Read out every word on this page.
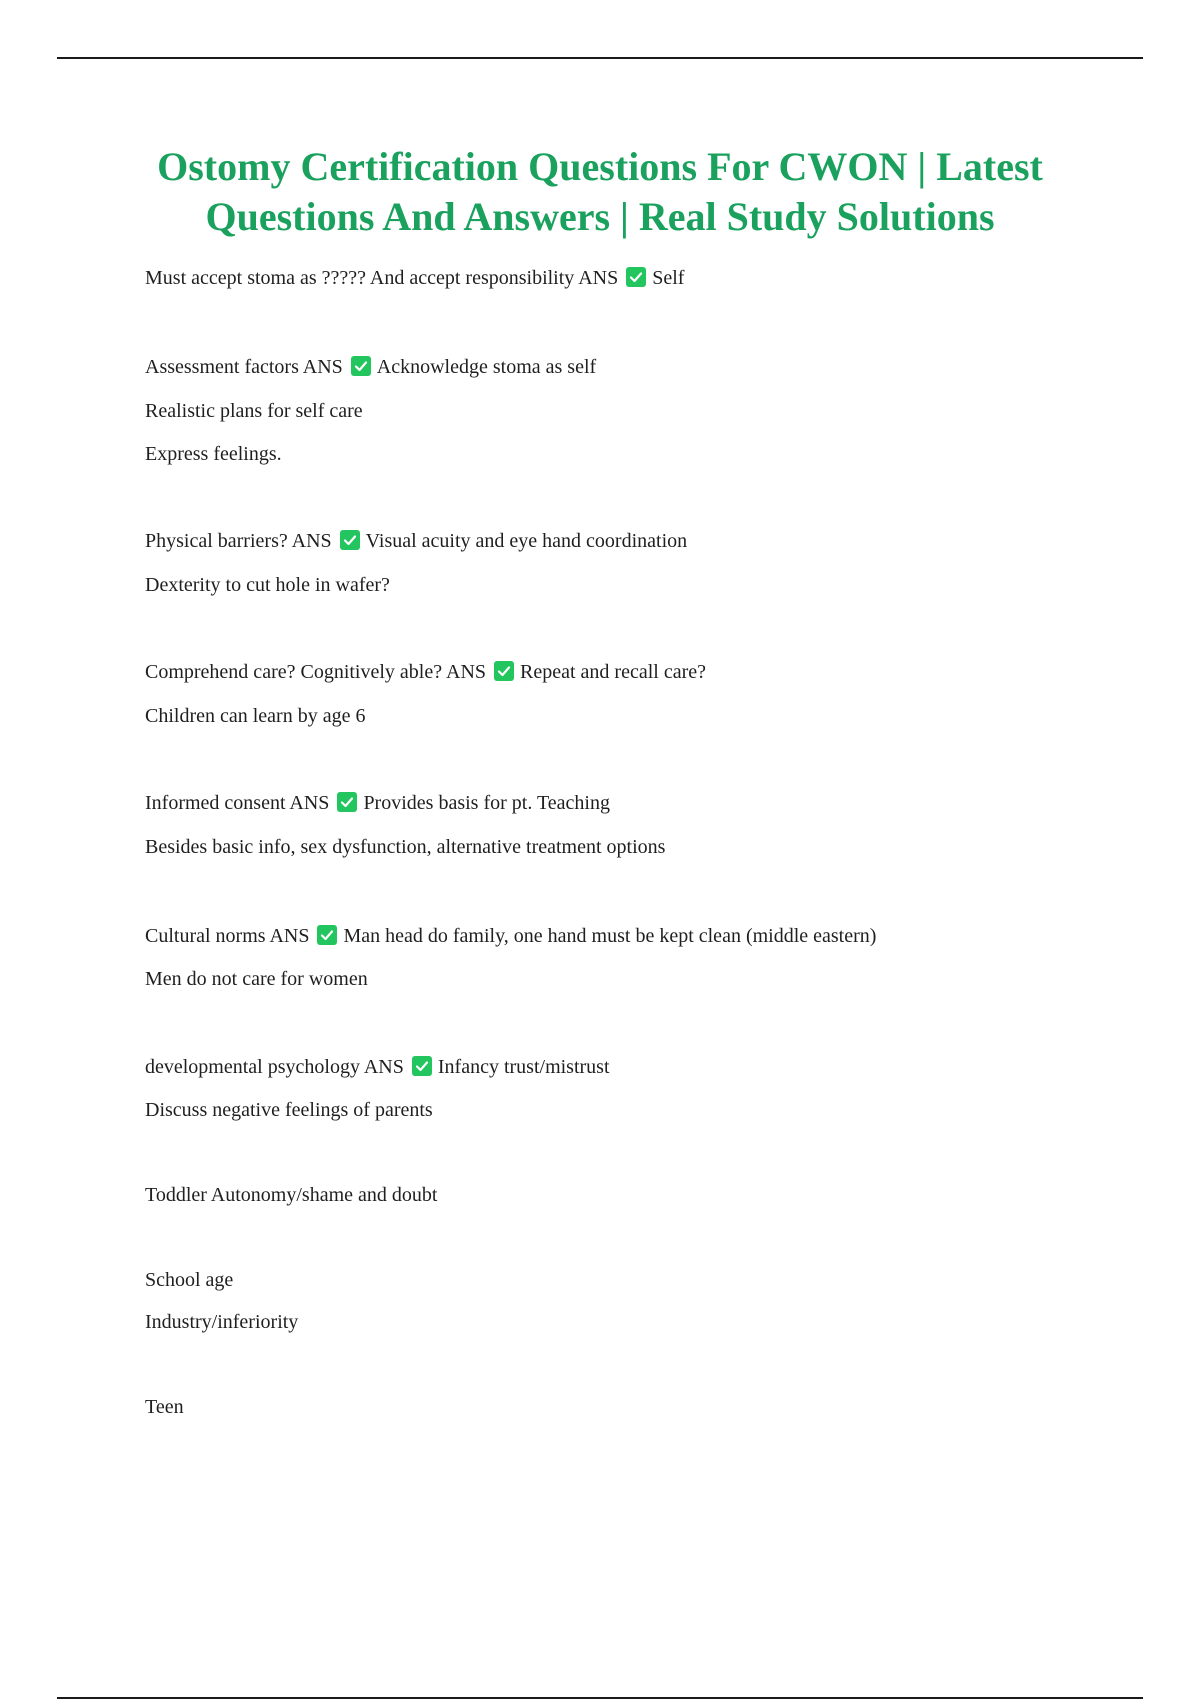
Ostomy Certification Questions For CWON | Latest Questions And Answers | Real Study Solutions

Must accept stoma as ????? And accept responsibility ANS Self

Assessment factors ANS Acknowledge stoma as self

Realistic plans for self care

Express feelings.

Physical barriers? ANS Visual acuity and eye hand coordination

Dexterity to cut hole in wafer?

Comprehend care? Cognitively able? ANS Repeat and recall care?

Children can learn by age 6

Informed consent ANS Provides basis for pt. Teaching

Besides basic info, sex dysfunction, alternative treatment options

Cultural norms ANS Man head do family, one hand must be kept clean (middle eastern)

Men do not care for women

developmental psychology ANS Infancy trust/mistrust

Discuss negative feelings of parents

Toddler Autonomy/shame and doubt

School age

Industry/inferiority

Teen
